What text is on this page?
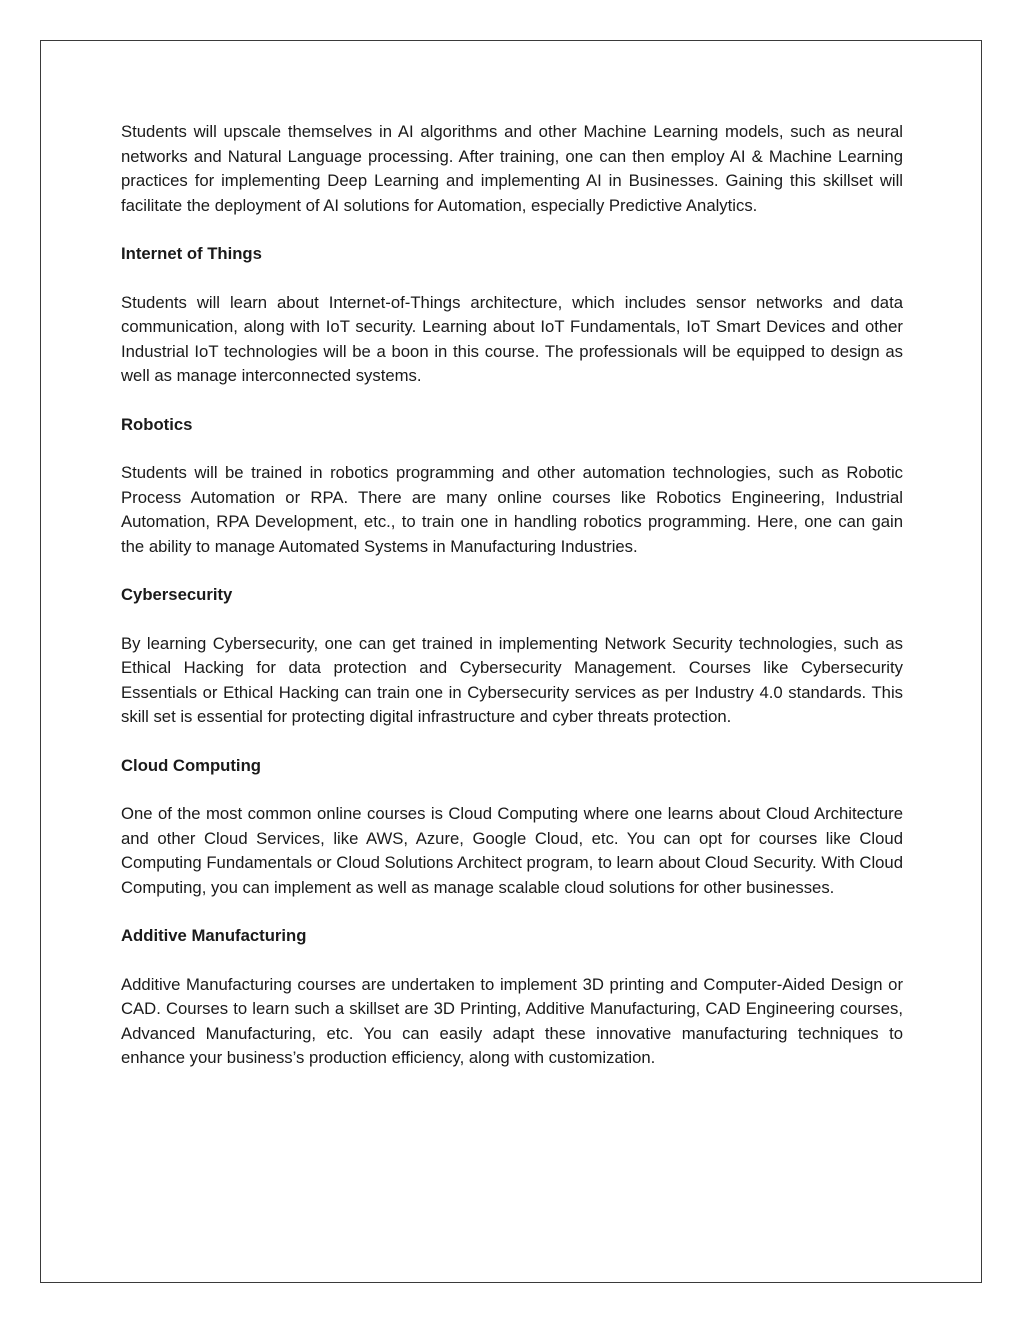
Students will upscale themselves in AI algorithms and other Machine Learning models, such as neural networks and Natural Language processing. After training, one can then employ AI & Machine Learning practices for implementing Deep Learning and implementing AI in Businesses. Gaining this skillset will facilitate the deployment of AI solutions for Automation, especially Predictive Analytics.

Internet of Things

Students will learn about Internet-of-Things architecture, which includes sensor networks and data communication, along with IoT security. Learning about IoT Fundamentals, IoT Smart Devices and other Industrial IoT technologies will be a boon in this course. The professionals will be equipped to design as well as manage interconnected systems.

Robotics

Students will be trained in robotics programming and other automation technologies, such as Robotic Process Automation or RPA. There are many online courses like Robotics Engineering, Industrial Automation, RPA Development, etc., to train one in handling robotics programming. Here, one can gain the ability to manage Automated Systems in Manufacturing Industries.

Cybersecurity

By learning Cybersecurity, one can get trained in implementing Network Security technologies, such as Ethical Hacking for data protection and Cybersecurity Management. Courses like Cybersecurity Essentials or Ethical Hacking can train one in Cybersecurity services as per Industry 4.0 standards. This skill set is essential for protecting digital infrastructure and cyber threats protection.

Cloud Computing

One of the most common online courses is Cloud Computing where one learns about Cloud Architecture and other Cloud Services, like AWS, Azure, Google Cloud, etc. You can opt for courses like Cloud Computing Fundamentals or Cloud Solutions Architect program, to learn about Cloud Security. With Cloud Computing, you can implement as well as manage scalable cloud solutions for other businesses.

Additive Manufacturing

Additive Manufacturing courses are undertaken to implement 3D printing and Computer-Aided Design or CAD. Courses to learn such a skillset are 3D Printing, Additive Manufacturing, CAD Engineering courses, Advanced Manufacturing, etc. You can easily adapt these innovative manufacturing techniques to enhance your business’s production efficiency, along with customization.
